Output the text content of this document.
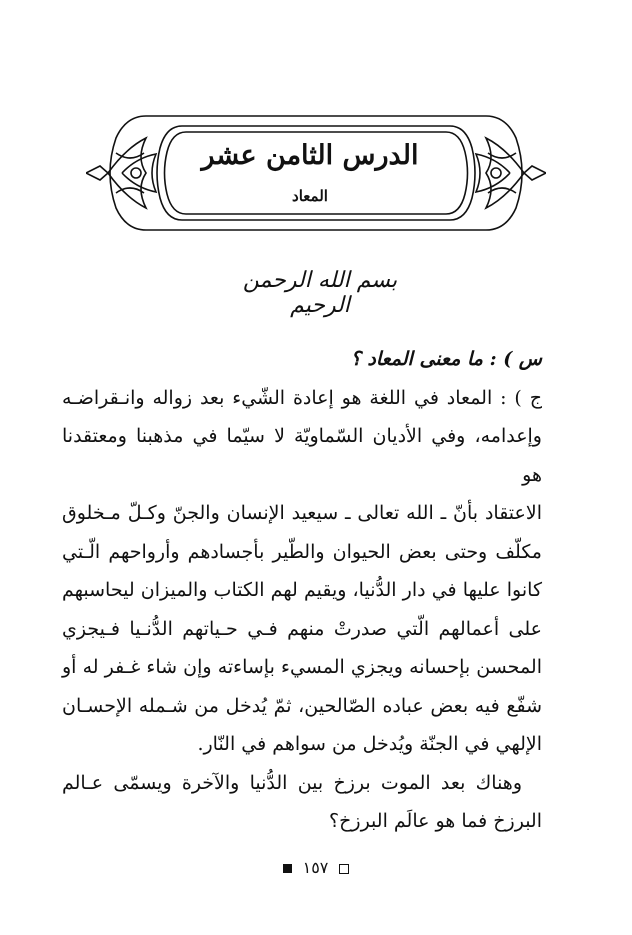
الدرس الثامن عشر
المعاد
بسم الله الرحمن الرحيم

س ) : ما معنى المعاد ؟

ج ) : المعاد في اللغة هو إعادة الشّيء بعد زواله وانـقراضـه
وإعدامه، وفي الأديان السّماويّة لا سيّما في مذهبنا ومعتقدنا هو
الاعتقاد بأنّ ـ الله تعالى ـ سيعيد الإنسان والجنّ وكـلّ مـخلوق
مكلّف وحتى بعض الحيوان والطّير بأجسادهم وأرواحهم الّـتي
كانوا عليها في دار الدُّنيا، ويقيم لهم الكتاب والميزان ليحاسبهم
على أعمالهم الّتي صدرتْ منهم فـي حـياتهم الدُّنـيا فـيجزي
المحسن بإحسانه ويجزي المسيء بإساءته وإن شاء غـفر له أو
شفّع فيه بعض عباده الصّالحين، ثمّ يُدخل من شـمله الإحسـان
الإلهي في الجنّة ويُدخل من سواهم في النّار.
وهناك بعد الموت برزخ بين الدُّنيا والآخرة ويسمّى عـالم
البرزخ فما هو عالَم البرزخ؟
١٥٧
